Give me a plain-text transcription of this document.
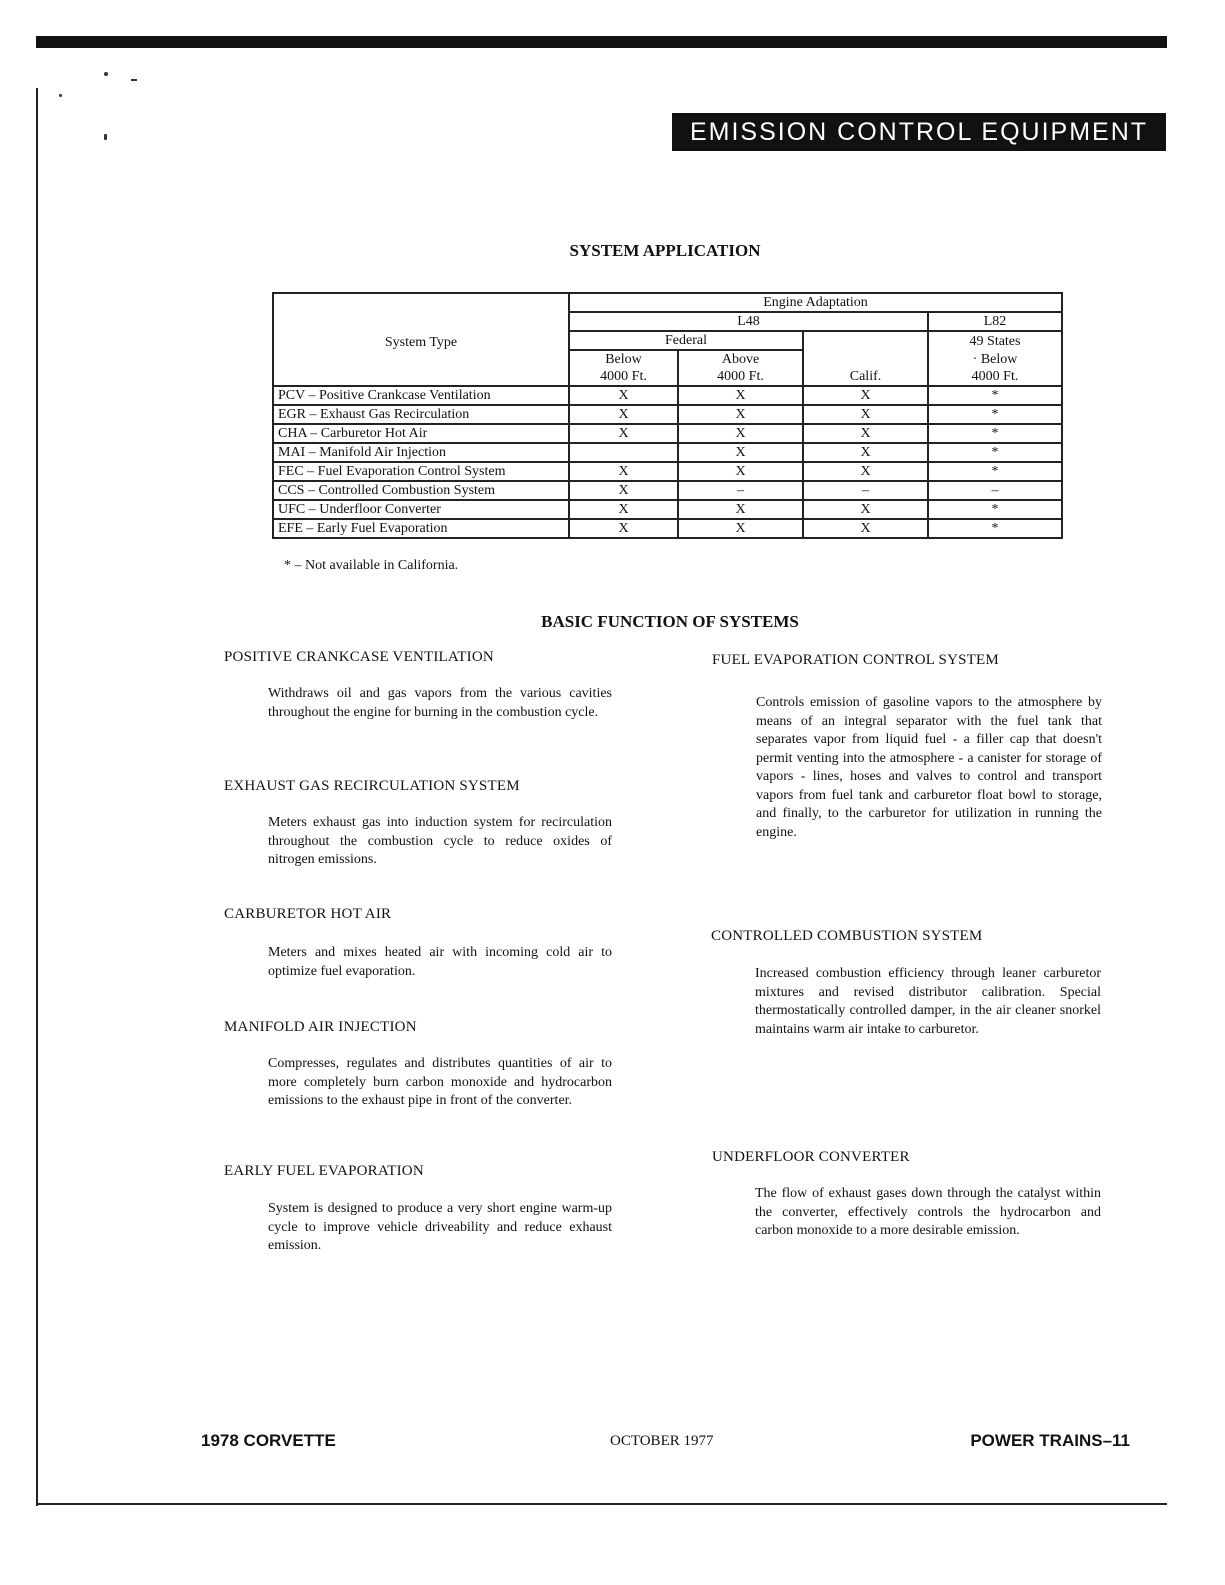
EMISSION CONTROL EQUIPMENT
SYSTEM APPLICATION
System Type	Engine Adaptation			
	L48			L82
	Federal		Calif.	49 States
	Below	Above		· Below
	4000 Ft.	4000 Ft.		4000 Ft.
PCV – Positive Crankcase Ventilation	X	X	X	*
EGR – Exhaust Gas Recirculation	X	X	X	*
CHA – Carburetor Hot Air	X	X	X	*
MAI – Manifold Air Injection		X	X	*
FEC – Fuel Evaporation Control System	X	X	X	*
CCS – Controlled Combustion System	X	–	–	–
UFC – Underfloor Converter	X	X	X	*
EFE – Early Fuel Evaporation	X	X	X	*
* – Not available in California.
BASIC FUNCTION OF SYSTEMS
POSITIVE CRANKCASE VENTILATION
Withdraws oil and gas vapors from the various cavities throughout the engine for burning in the combustion cycle.
EXHAUST GAS RECIRCULATION SYSTEM
Meters exhaust gas into induction system for recirculation throughout the combustion cycle to reduce oxides of nitrogen emissions.
CARBURETOR HOT AIR
Meters and mixes heated air with incoming cold air to optimize fuel evaporation.
MANIFOLD AIR INJECTION
Compresses, regulates and distributes quantities of air to more completely burn carbon monoxide and hydrocarbon emissions to the exhaust pipe in front of the converter.
EARLY FUEL EVAPORATION
System is designed to produce a very short engine warm-up cycle to improve vehicle driveability and reduce exhaust emission.
FUEL EVAPORATION CONTROL SYSTEM
Controls emission of gasoline vapors to the atmosphere by means of an integral separator with the fuel tank that separates vapor from liquid fuel - a filler cap that doesn't permit venting into the atmosphere - a canister for storage of vapors - lines, hoses and valves to control and transport vapors from fuel tank and carburetor float bowl to storage, and finally, to the carburetor for utilization in running the engine.
CONTROLLED COMBUSTION SYSTEM
Increased combustion efficiency through leaner carburetor mixtures and revised distributor calibration. Special thermostatically controlled damper, in the air cleaner snorkel maintains warm air intake to carburetor.
UNDERFLOOR CONVERTER
The flow of exhaust gases down through the catalyst within the converter, effectively controls the hydrocarbon and carbon monoxide to a more desirable emission.
1978 CORVETTE	OCTOBER 1977	POWER TRAINS–11
